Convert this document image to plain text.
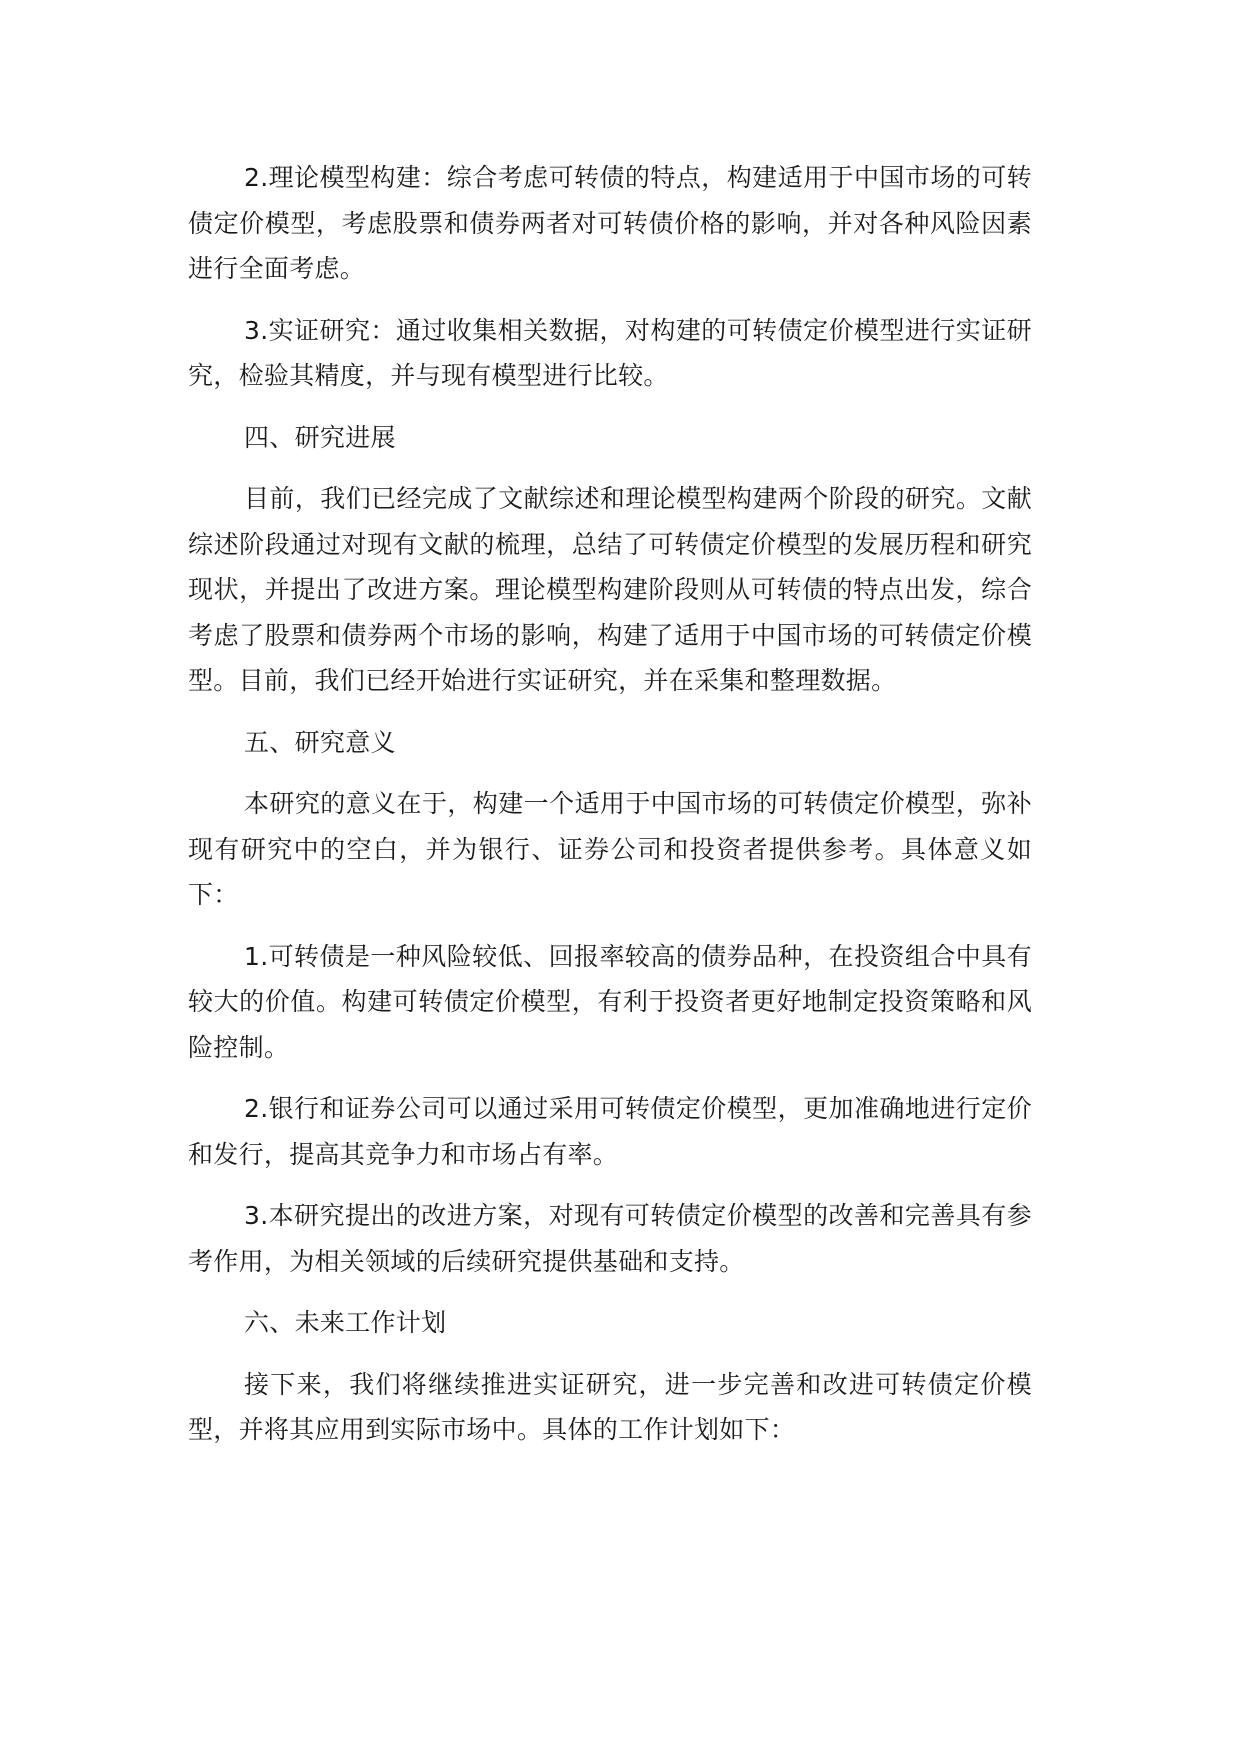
2.理论模型构建：综合考虑可转债的特点，构建适用于中国市场的可转债定价模型，考虑股票和债券两者对可转债价格的影响，并对各种风险因素进行全面考虑。

3.实证研究：通过收集相关数据，对构建的可转债定价模型进行实证研究，检验其精度，并与现有模型进行比较。

四、研究进展

目前，我们已经完成了文献综述和理论模型构建两个阶段的研究。文献综述阶段通过对现有文献的梳理，总结了可转债定价模型的发展历程和研究现状，并提出了改进方案。理论模型构建阶段则从可转债的特点出发，综合考虑了股票和债券两个市场的影响，构建了适用于中国市场的可转债定价模型。目前，我们已经开始进行实证研究，并在采集和整理数据。

五、研究意义

本研究的意义在于，构建一个适用于中国市场的可转债定价模型，弥补现有研究中的空白，并为银行、证券公司和投资者提供参考。具体意义如下：

1.可转债是一种风险较低、回报率较高的债券品种，在投资组合中具有较大的价值。构建可转债定价模型，有利于投资者更好地制定投资策略和风险控制。

2.银行和证券公司可以通过采用可转债定价模型，更加准确地进行定价和发行，提高其竞争力和市场占有率。

3.本研究提出的改进方案，对现有可转债定价模型的改善和完善具有参考作用，为相关领域的后续研究提供基础和支持。

六、未来工作计划

接下来，我们将继续推进实证研究，进一步完善和改进可转债定价模型，并将其应用到实际市场中。具体的工作计划如下：
